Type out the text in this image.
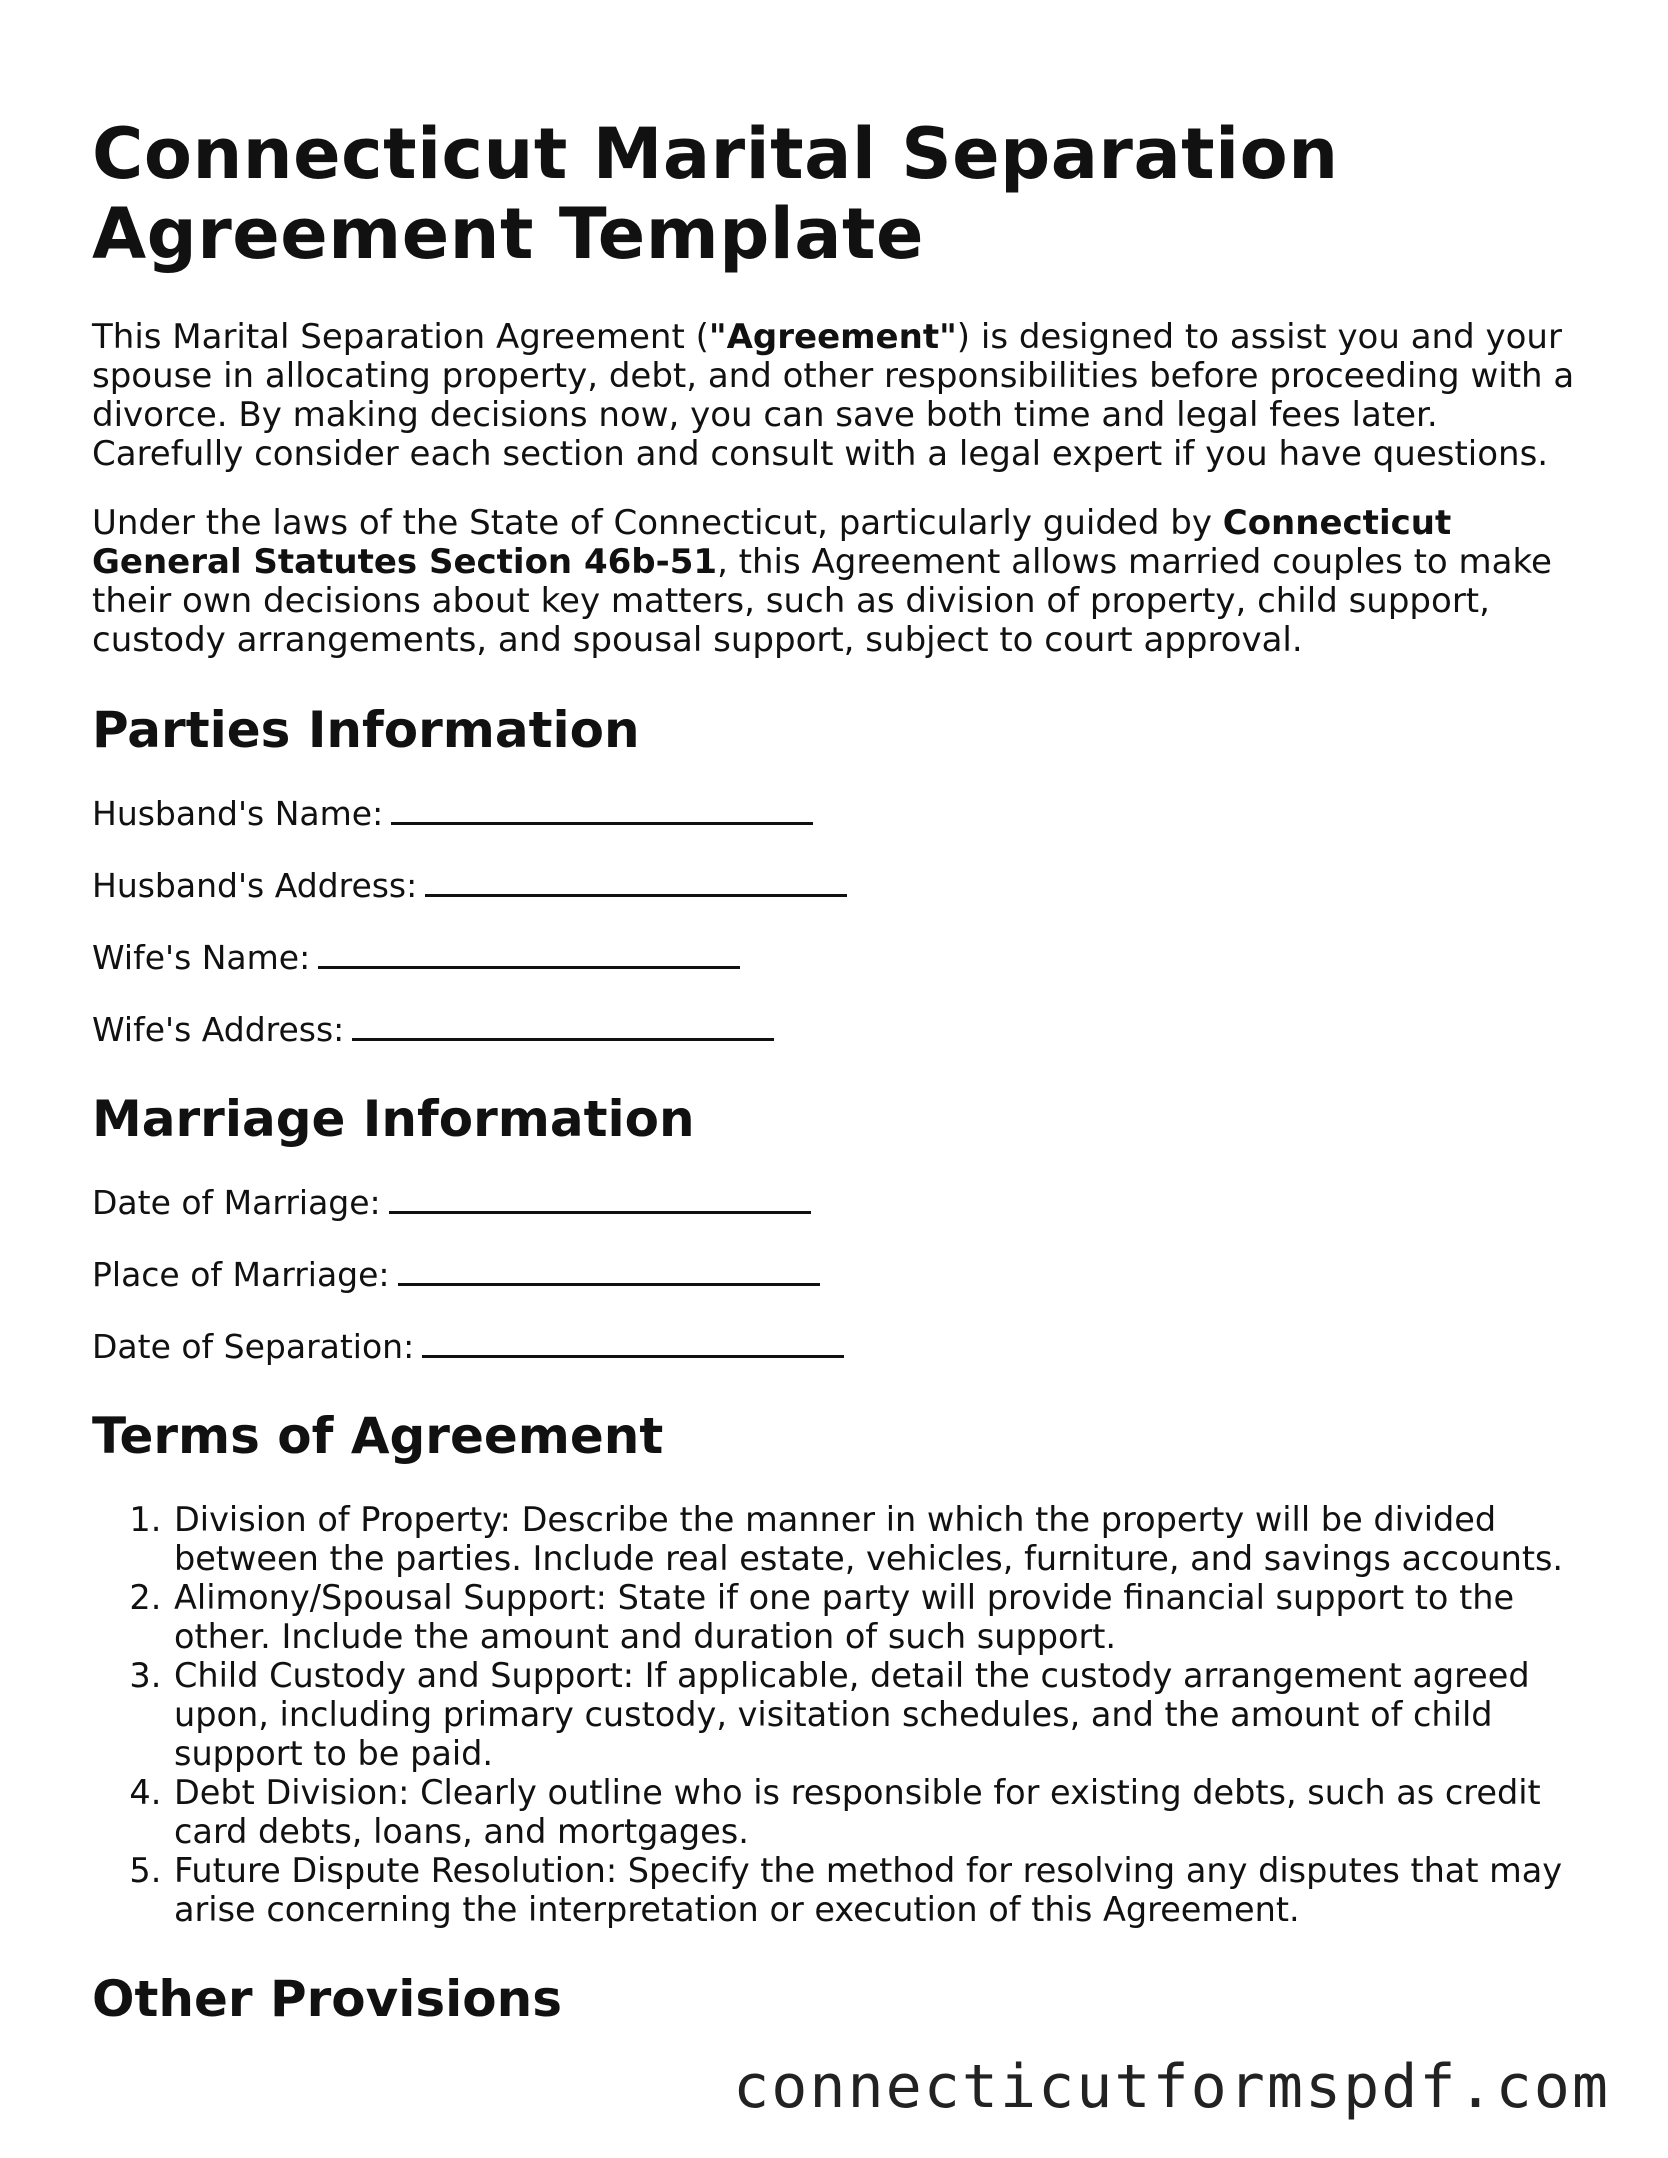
Connecticut Marital Separation Agreement Template

This Marital Separation Agreement ("Agreement") is designed to assist you and your spouse in allocating property, debt, and other responsibilities before proceeding with a divorce. By making decisions now, you can save both time and legal fees later. Carefully consider each section and consult with a legal expert if you have questions.

Under the laws of the State of Connecticut, particularly guided by Connecticut General Statutes Section 46b-51, this Agreement allows married couples to make their own decisions about key matters, such as division of property, child support, custody arrangements, and spousal support, subject to court approval.

Parties Information
Husband's Name:
Husband's Address:
Wife's Name:
Wife's Address:
Marriage Information
Date of Marriage:
Place of Marriage:
Date of Separation:
Terms of Agreement
1. Division of Property: Describe the manner in which the property will be divided between the parties. Include real estate, vehicles, furniture, and savings accounts.
2. Alimony/Spousal Support: State if one party will provide financial support to the other. Include the amount and duration of such support.
3. Child Custody and Support: If applicable, detail the custody arrangement agreed upon, including primary custody, visitation schedules, and the amount of child support to be paid.
4. Debt Division: Clearly outline who is responsible for existing debts, such as credit card debts, loans, and mortgages.
5. Future Dispute Resolution: Specify the method for resolving any disputes that may arise concerning the interpretation or execution of this Agreement.
Other Provisions
connecticutformspdf.com
